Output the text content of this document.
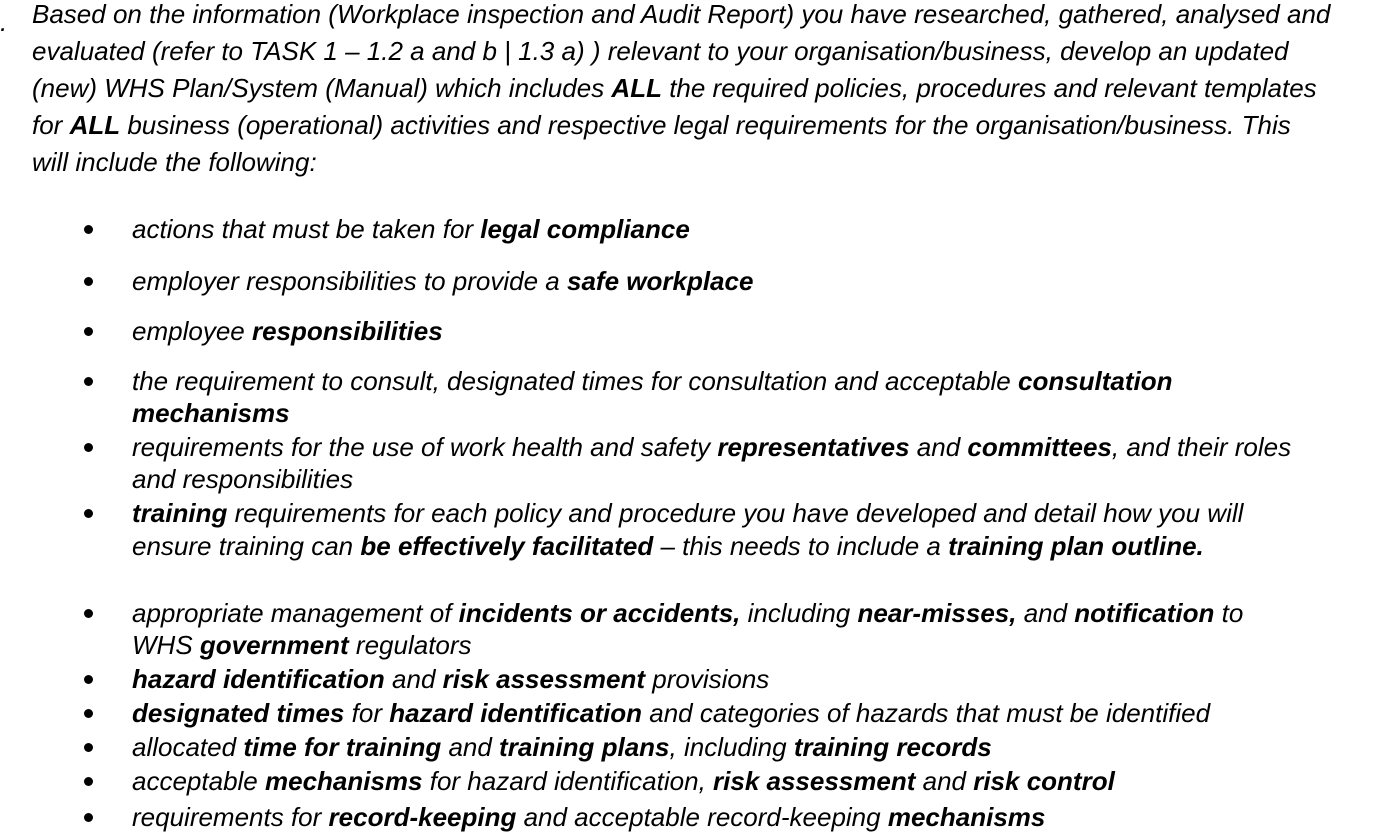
. Based on the information (Workplace inspection and Audit Report) you have researched, gathered, analysed and evaluated (refer to TASK 1 – 1.2 a and b | 1.3 a) ) relevant to your organisation/business, develop an updated (new) WHS Plan/System (Manual) which includes ALL the required policies, procedures and relevant templates for ALL business (operational) activities and respective legal requirements for the organisation/business. This will include the following:

actions that must be taken for legal compliance
employer responsibilities to provide a safe workplace
employee responsibilities
the requirement to consult, designated times for consultation and acceptable consultation mechanisms
requirements for the use of work health and safety representatives and committees, and their roles and responsibilities
training requirements for each policy and procedure you have developed and detail how you will ensure training can be effectively facilitated – this needs to include a training plan outline.
appropriate management of incidents or accidents, including near-misses, and notification to WHS government regulators
hazard identification and risk assessment provisions
designated times for hazard identification and categories of hazards that must be identified
allocated time for training and training plans, including training records
acceptable mechanisms for hazard identification, risk assessment and risk control
requirements for record-keeping and acceptable record-keeping mechanisms
